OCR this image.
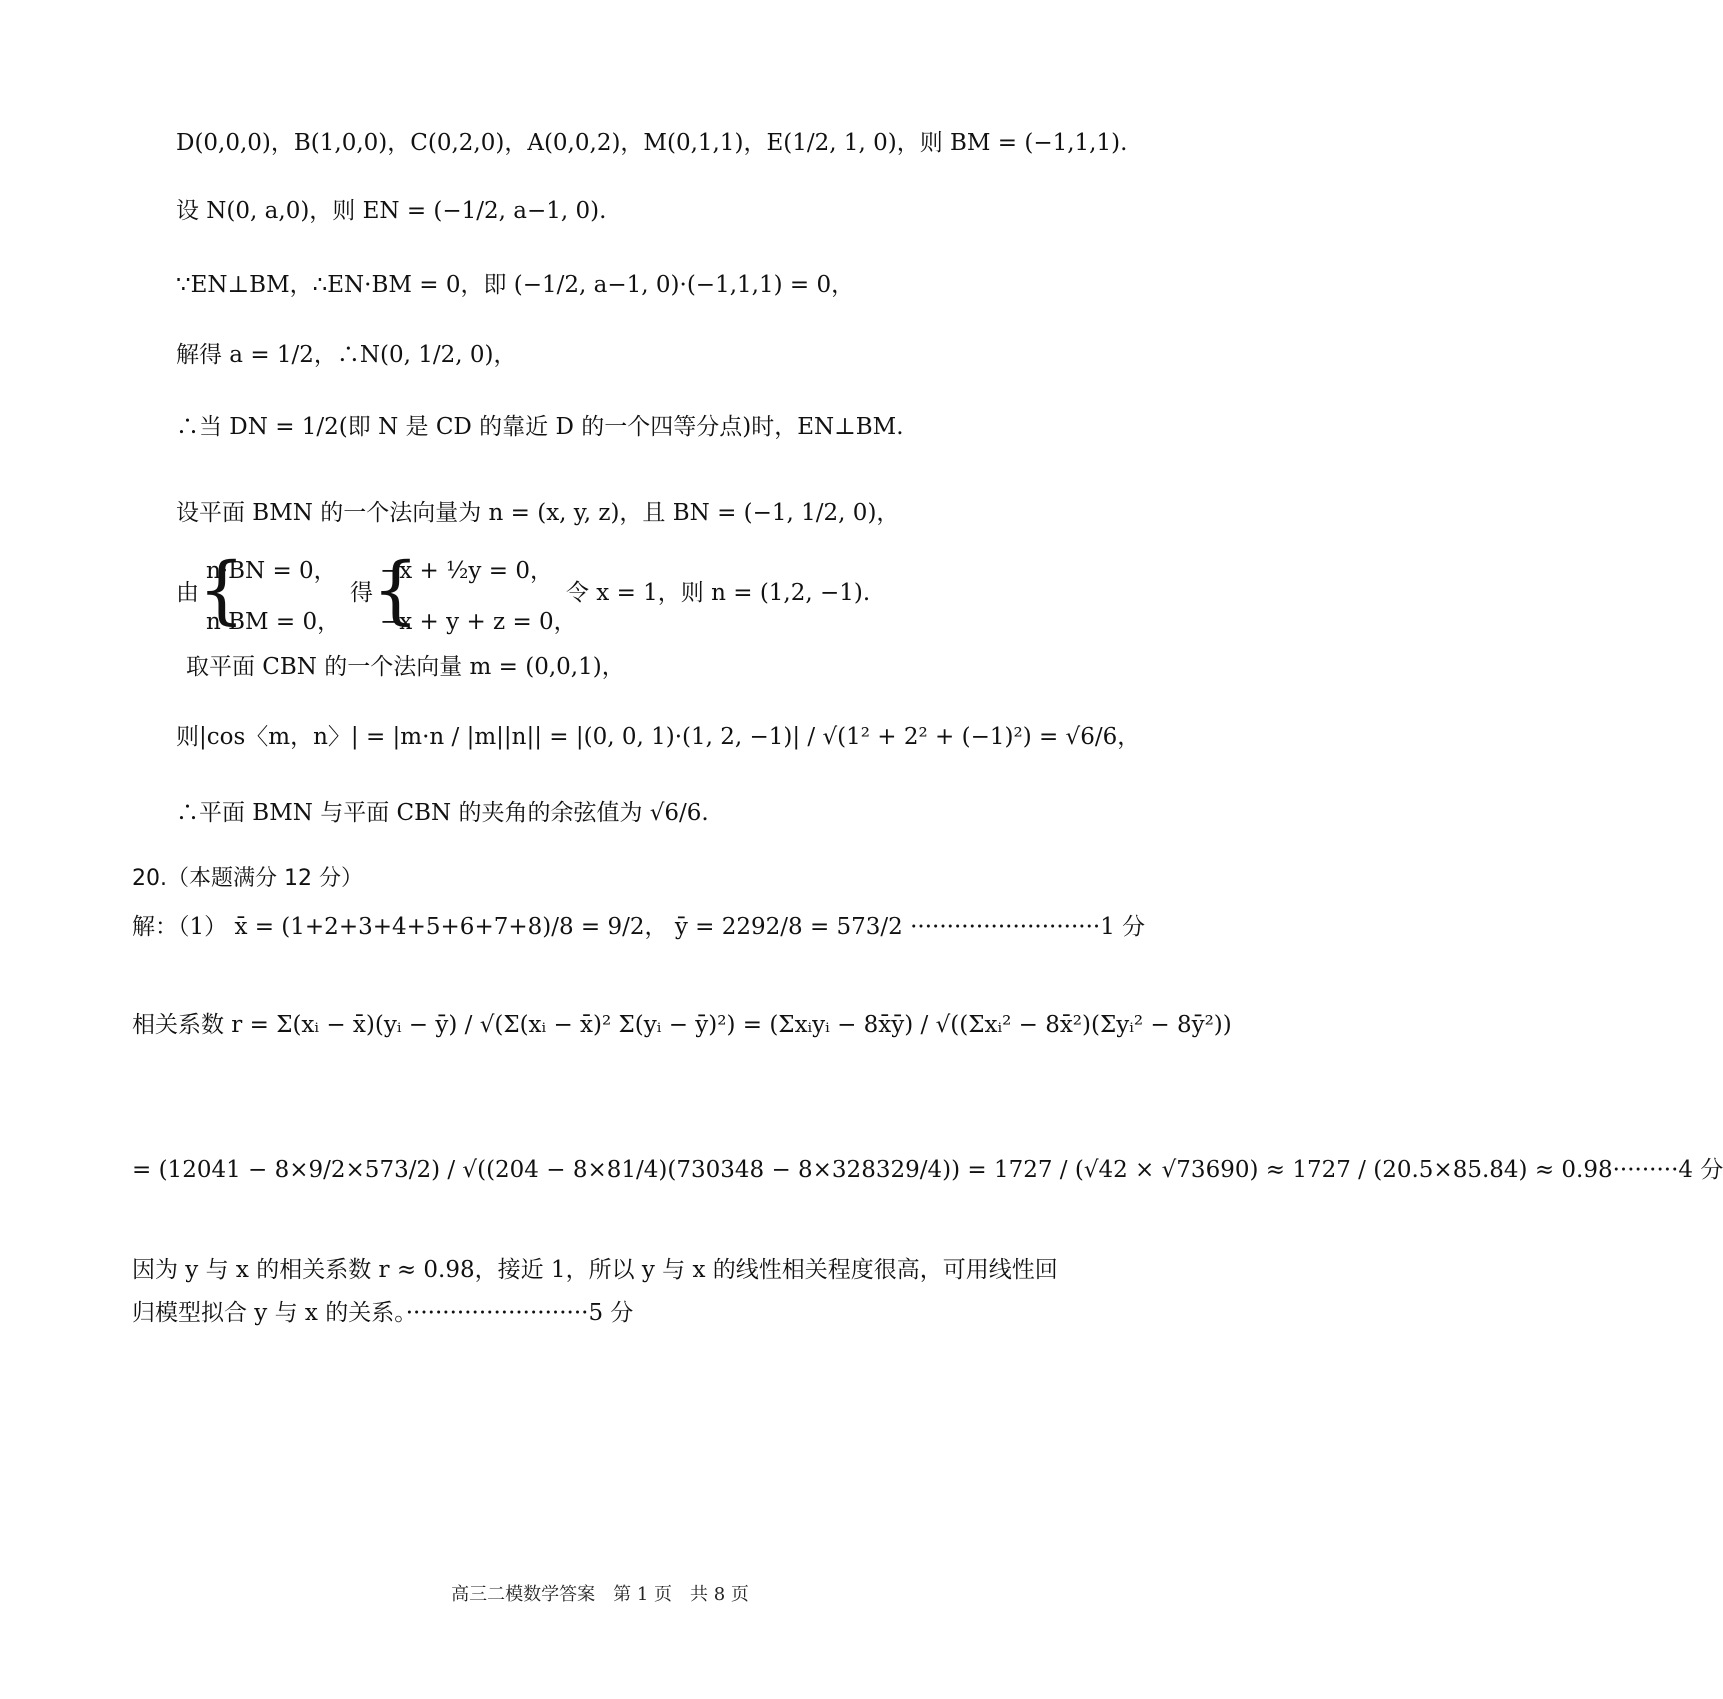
D(0,0,0)，B(1,0,0)，C(0,2,0)，A(0,0,2)，M(0,1,1)，E(1/2, 1, 0)，则 BM = (−1,1,1).
设 N(0, a,0)，则 EN = (−1/2, a−1, 0).
∵EN⊥BM，∴EN·BM = 0，即 (−1/2, a−1, 0)·(−1,1,1) = 0，
解得 a = 1/2，∴N(0, 1/2, 0)，
∴当 DN = 1/2(即 N 是 CD 的靠近 D 的一个四等分点)时，EN⊥BM.
设平面 BMN 的一个法向量为 n = (x, y, z)，且 BN = (−1, 1/2, 0)，
由 {
n·BN = 0，
n·BM = 0，
得 {
−x + ½y = 0，
−x + y + z = 0，
令 x = 1，则 n = (1,2, −1).
取平面 CBN 的一个法向量 m = (0,0,1)，
则|cos〈m，n〉| = |m·n / |m||n|| = |(0, 0, 1)·(1, 2, −1)| / √(1² + 2² + (−1)²) = √6/6，
∴平面 BMN 与平面 CBN 的夹角的余弦值为 √6/6.
20.（本题满分 12 分）
解：（1） x̄ = (1+2+3+4+5+6+7+8)/8 = 9/2， ȳ = 2292/8 = 573/2 ··························1 分
相关系数 r = Σ(xᵢ − x̄)(yᵢ − ȳ) / √(Σ(xᵢ − x̄)² Σ(yᵢ − ȳ)²) = (Σxᵢyᵢ − 8x̄ȳ) / √((Σxᵢ² − 8x̄²)(Σyᵢ² − 8ȳ²))
= (12041 − 8×9/2×573/2) / √((204 − 8×81/4)(730348 − 8×328329/4)) = 1727 / (√42 × √73690) ≈ 1727 / (20.5×85.84) ≈ 0.98·········4 分
因为 y 与 x 的相关系数 r ≈ 0.98，接近 1，所以 y 与 x 的线性相关程度很高，可用线性回
归模型拟合 y 与 x 的关系。·························5 分
高三二模数学答案　第 1 页　共 8 页
